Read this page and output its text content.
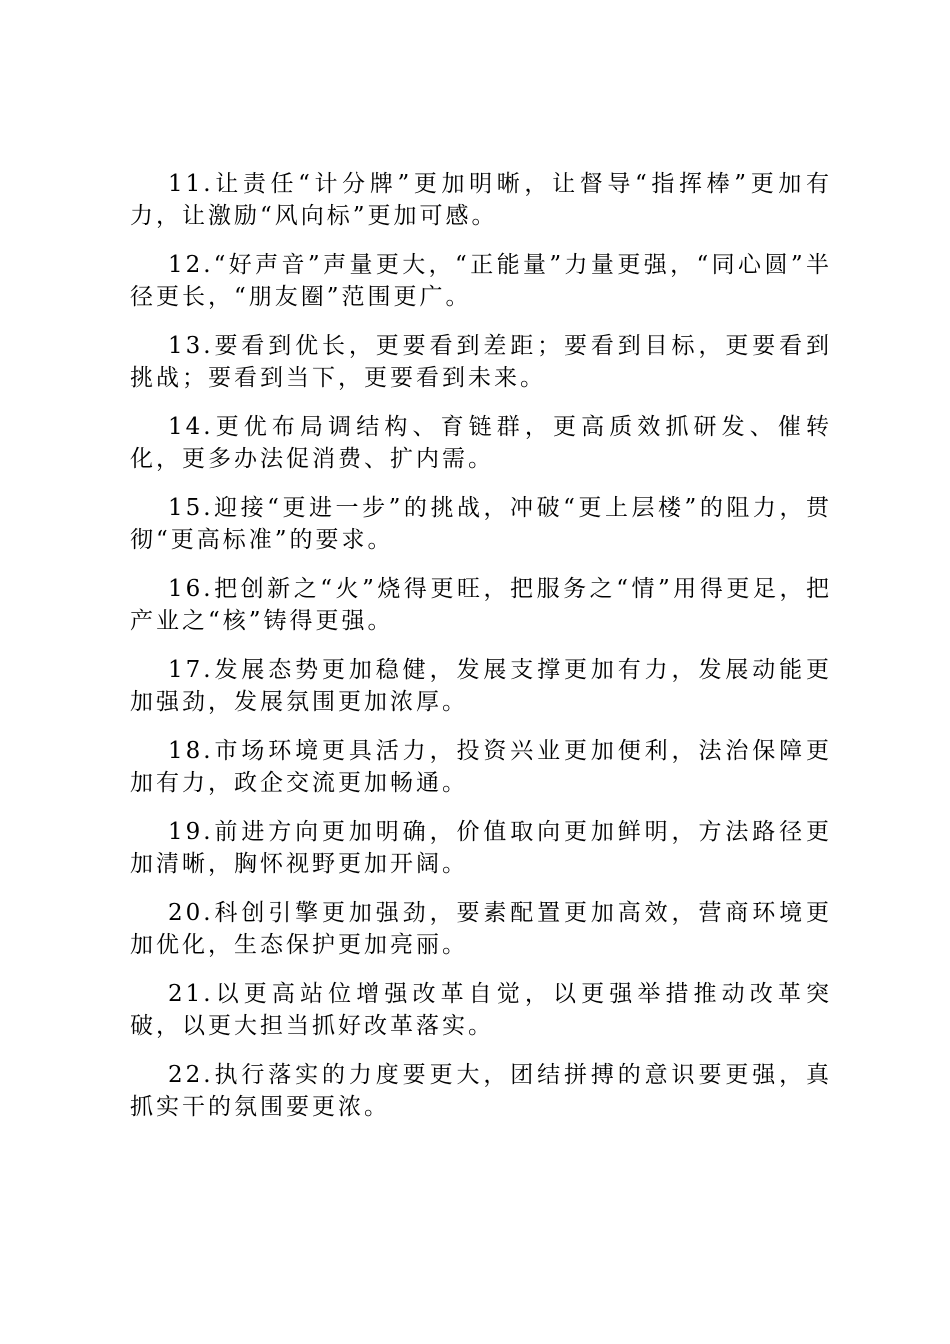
11.让责任“计分牌”更加明晰，让督导“指挥棒”更加有力，让激励“风向标”更加可感。

12.“好声音”声量更大，“正能量”力量更强，“同心圆”半径更长，“朋友圈”范围更广。

13.要看到优长，更要看到差距；要看到目标，更要看到挑战；要看到当下，更要看到未来。

14.更优布局调结构、育链群，更高质效抓研发、催转化，更多办法促消费、扩内需。

15.迎接“更进一步”的挑战，冲破“更上层楼”的阻力，贯彻“更高标准”的要求。

16.把创新之“火”烧得更旺，把服务之“情”用得更足，把产业之“核”铸得更强。

17.发展态势更加稳健，发展支撑更加有力，发展动能更加强劲，发展氛围更加浓厚。

18.市场环境更具活力，投资兴业更加便利，法治保障更加有力，政企交流更加畅通。

19.前进方向更加明确，价值取向更加鲜明，方法路径更加清晰，胸怀视野更加开阔。

20.科创引擎更加强劲，要素配置更加高效，营商环境更加优化，生态保护更加亮丽。

21.以更高站位增强改革自觉，以更强举措推动改革突破，以更大担当抓好改革落实。

22.执行落实的力度要更大，团结拼搏的意识要更强，真抓实干的氛围要更浓。
